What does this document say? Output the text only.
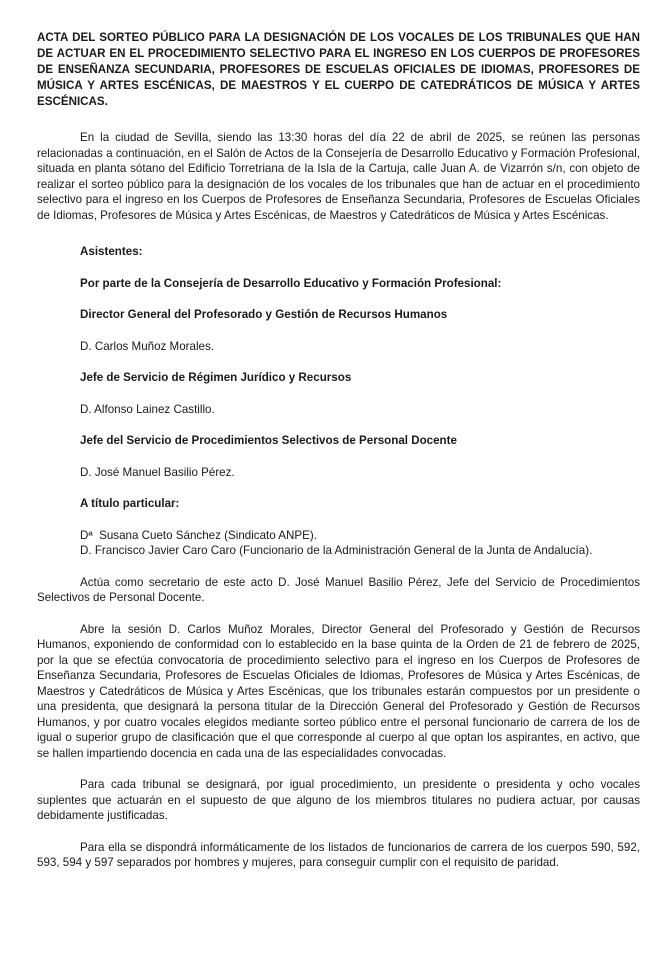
ACTA DEL SORTEO PÚBLICO PARA LA DESIGNACIÓN DE LOS VOCALES DE LOS TRIBUNALES QUE HAN DE ACTUAR EN EL PROCEDIMIENTO SELECTIVO PARA EL INGRESO EN LOS CUERPOS DE PROFESORES DE ENSEÑANZA SECUNDARIA, PROFESORES DE ESCUELAS OFICIALES DE IDIOMAS, PROFESORES DE MÚSICA Y ARTES ESCÉNICAS, DE MAESTROS Y EL CUERPO DE CATEDRÁTICOS DE MÚSICA Y ARTES ESCÉNICAS.

En la ciudad de Sevilla, siendo las 13:30 horas del día 22 de abril de 2025, se reúnen las personas relacionadas a continuación, en el Salón de Actos de la Consejería de Desarrollo Educativo y Formación Profesional, situada en planta sótano del Edificio Torretriana de la Isla de la Cartuja, calle Juan A. de Vizarrón s/n, con objeto de realizar el sorteo público para la designación de los vocales de los tribunales que han de actuar en el procedimiento selectivo para el ingreso en los Cuerpos de Profesores de Enseñanza Secundaria, Profesores de Escuelas Oficiales de Idiomas, Profesores de Música y Artes Escénicas, de Maestros y Catedráticos de Música y Artes Escénicas.

Asistentes:

Por parte de la Consejería de Desarrollo Educativo y Formación Profesional:

Director General del Profesorado y Gestión de Recursos Humanos

D. Carlos Muñoz Morales.

Jefe de Servicio de Régimen Jurídico y Recursos

D. Alfonso Lainez Castillo.

Jefe del Servicio de Procedimientos Selectivos de Personal Docente

D. José Manuel Basilio Pérez.

A título particular:

Dª  Susana Cueto Sánchez (Sindicato ANPE).

D. Francisco Javier Caro Caro (Funcionario de la Administración General de la Junta de Andalucía).

Actúa como secretario de este acto D. José Manuel Basilio Pérez, Jefe del Servicio de Procedimientos Selectivos de Personal Docente.

Abre la sesión D. Carlos Muñoz Morales, Director General del Profesorado y Gestión de Recursos Humanos, exponiendo de conformidad con lo establecido en la base quinta de la Orden de 21 de febrero de 2025, por la que se efectúa convocatoria de procedimiento selectivo para el ingreso en los Cuerpos de Profesores de Enseñanza Secundaria, Profesores de Escuelas Oficiales de Idiomas, Profesores de Música y Artes Escénicas, de Maestros y Catedráticos de Música y Artes Escénicas, que los tribunales estarán compuestos por un presidente o una presidenta, que designará la persona titular de la Dirección General del Profesorado y Gestión de Recursos Humanos, y por cuatro vocales elegidos mediante sorteo público entre el personal funcionario de carrera de los de igual o superior grupo de clasificación que el que corresponde al cuerpo al que optan los aspirantes, en activo, que se hallen impartiendo docencia en cada una de las especialidades convocadas.

Para cada tribunal se designará, por igual procedimiento, un presidente o presidenta y ocho vocales suplentes que actuarán en el supuesto de que alguno de los miembros titulares no pudiera actuar, por causas debidamente justificadas.

Para ella se dispondrá informáticamente de los listados de funcionarios de carrera de los cuerpos 590, 592, 593, 594 y 597 separados por hombres y mujeres, para conseguir cumplir con el requisito de paridad.
